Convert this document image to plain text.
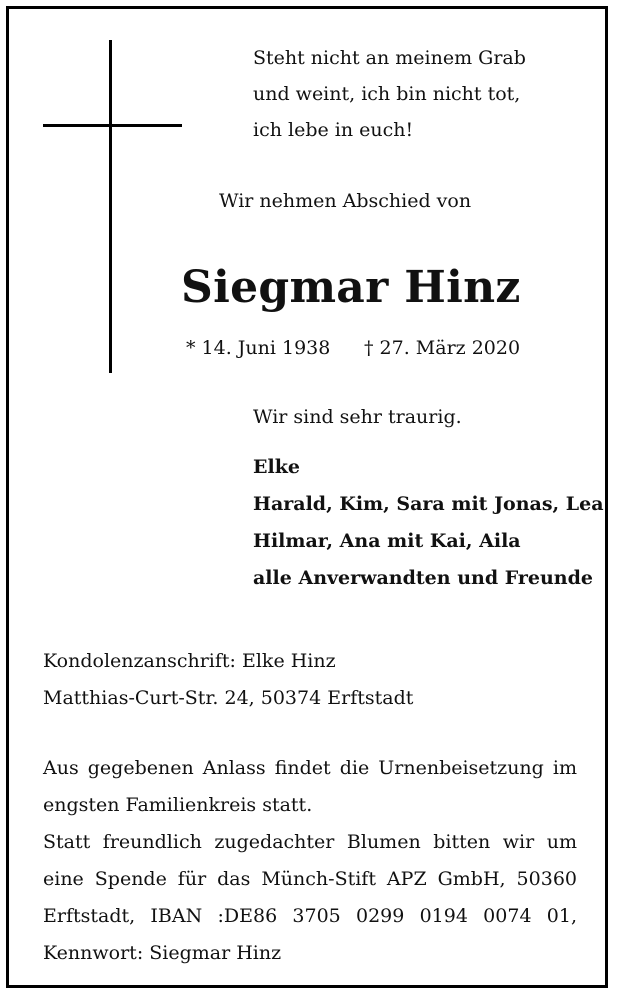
Steht nicht an meinem Grab
und weint, ich bin nicht tot,
ich lebe in euch!
Wir nehmen Abschied von
Siegmar Hinz
* 14. Juni 1938 † 27. März 2020
Wir sind sehr traurig.
Elke
Harald, Kim, Sara mit Jonas, Lea
Hilmar, Ana mit Kai, Aila
alle Anverwandten und Freunde
Kondolenzanschrift: Elke Hinz
Matthias-Curt-Str. 24, 50374 Erftstadt

Aus gegebenen Anlass findet die Urnenbeisetzung im engsten Familienkreis statt.

Statt freundlich zugedachter Blumen bitten wir um eine Spende für das Münch-Stift APZ GmbH, 50360 Erftstadt, IBAN :DE86 3705 0299 0194 0074 01, Kennwort: Siegmar Hinz
